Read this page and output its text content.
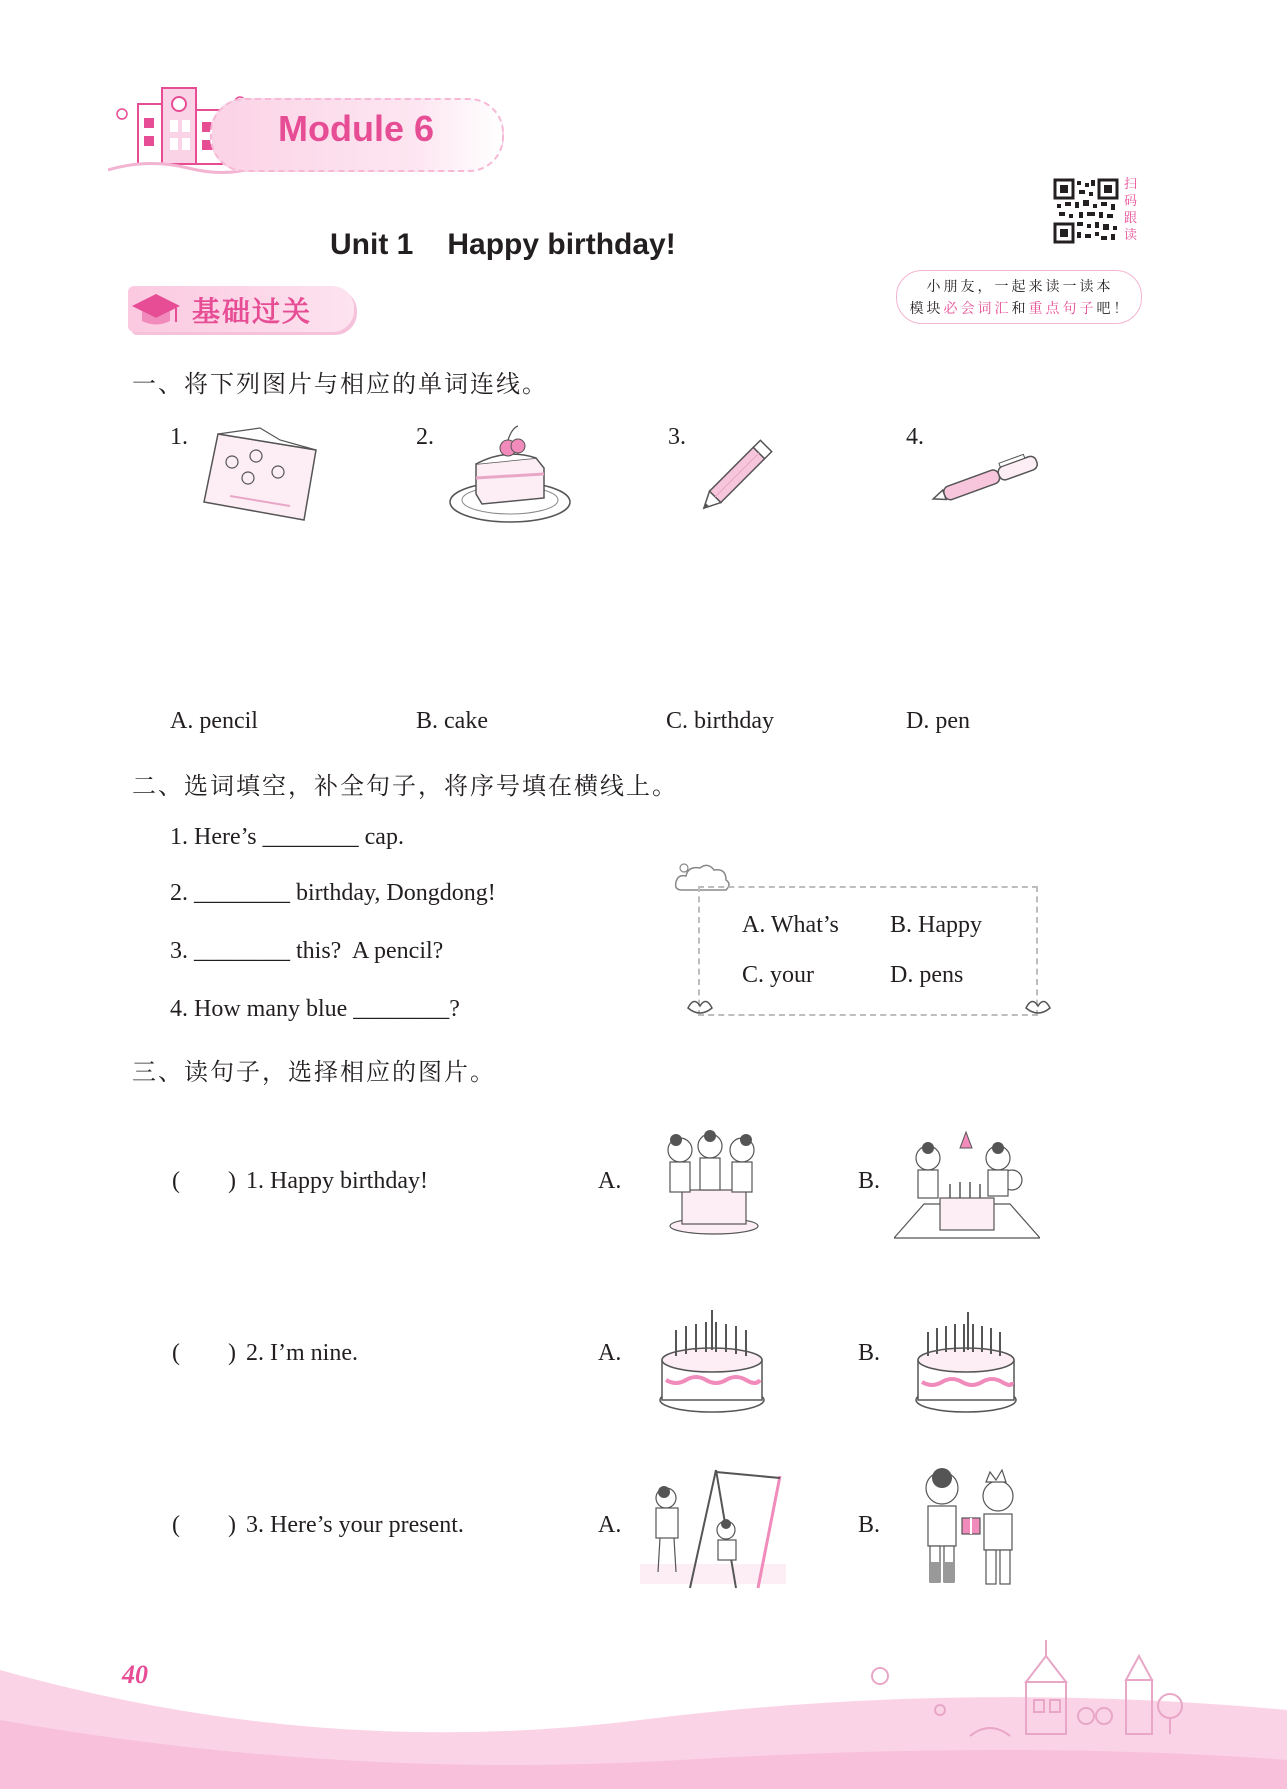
Module 6
Unit 1 Happy birthday!
扫码跟读
小朋友，一起来读一读本
模块必会词汇和重点句子吧！
基础过关
一、将下列图片与相应的单词连线。
1.	2.	3.	4.
A. pencil	B. cake	C. birthday	D. pen
二、选词填空，补全句子，将序号填在横线上。
1. Here’s ________ cap.
2. ________ birthday, Dongdong!
3. ________ this?  A pencil?
4. How many blue ________?
A. What’s B. Happy
C. your	D. pens
三、读句子，选择相应的图片。
(        ) 1. Happy birthday!	A.	B.
(        ) 2. I’m nine.	A.	B.
(        ) 3. Here’s your present.	A.	B.
40
